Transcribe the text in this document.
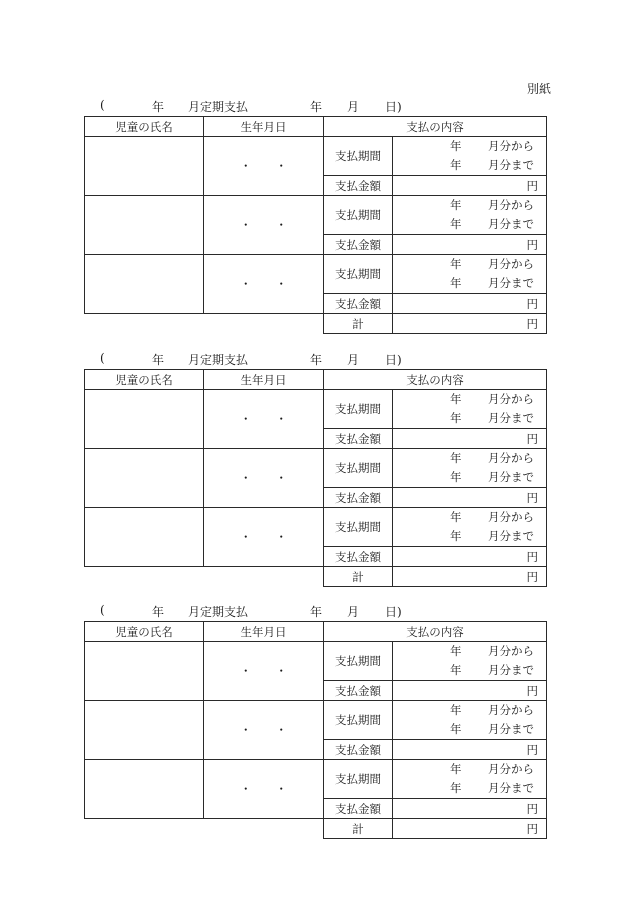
別紙
(	年 月定期支払	年 月 日)
児童の氏名	生年月日	支払の内容	
	・ ・	支払期間	年 月分から
年 月分まで

		支払金額	円
	・ ・	支払期間	年 月分から
年 月分まで

		支払金額	円
	・ ・	支払期間	年 月分から
年 月分まで

		支払金額	円
		計	円
(	年 月定期支払	年 月 日)
児童の氏名	生年月日	支払の内容	
	・ ・	支払期間	年 月分から
年 月分まで

		支払金額	円
	・ ・	支払期間	年 月分から
年 月分まで

		支払金額	円
	・ ・	支払期間	年 月分から
年 月分まで

		支払金額	円
		計	円
(	年 月定期支払	年 月 日)
児童の氏名	生年月日	支払の内容	
	・ ・	支払期間	年 月分から
年 月分まで

		支払金額	円
	・ ・	支払期間	年 月分から
年 月分まで

		支払金額	円
	・ ・	支払期間	年 月分から
年 月分まで

		支払金額	円
		計	円
